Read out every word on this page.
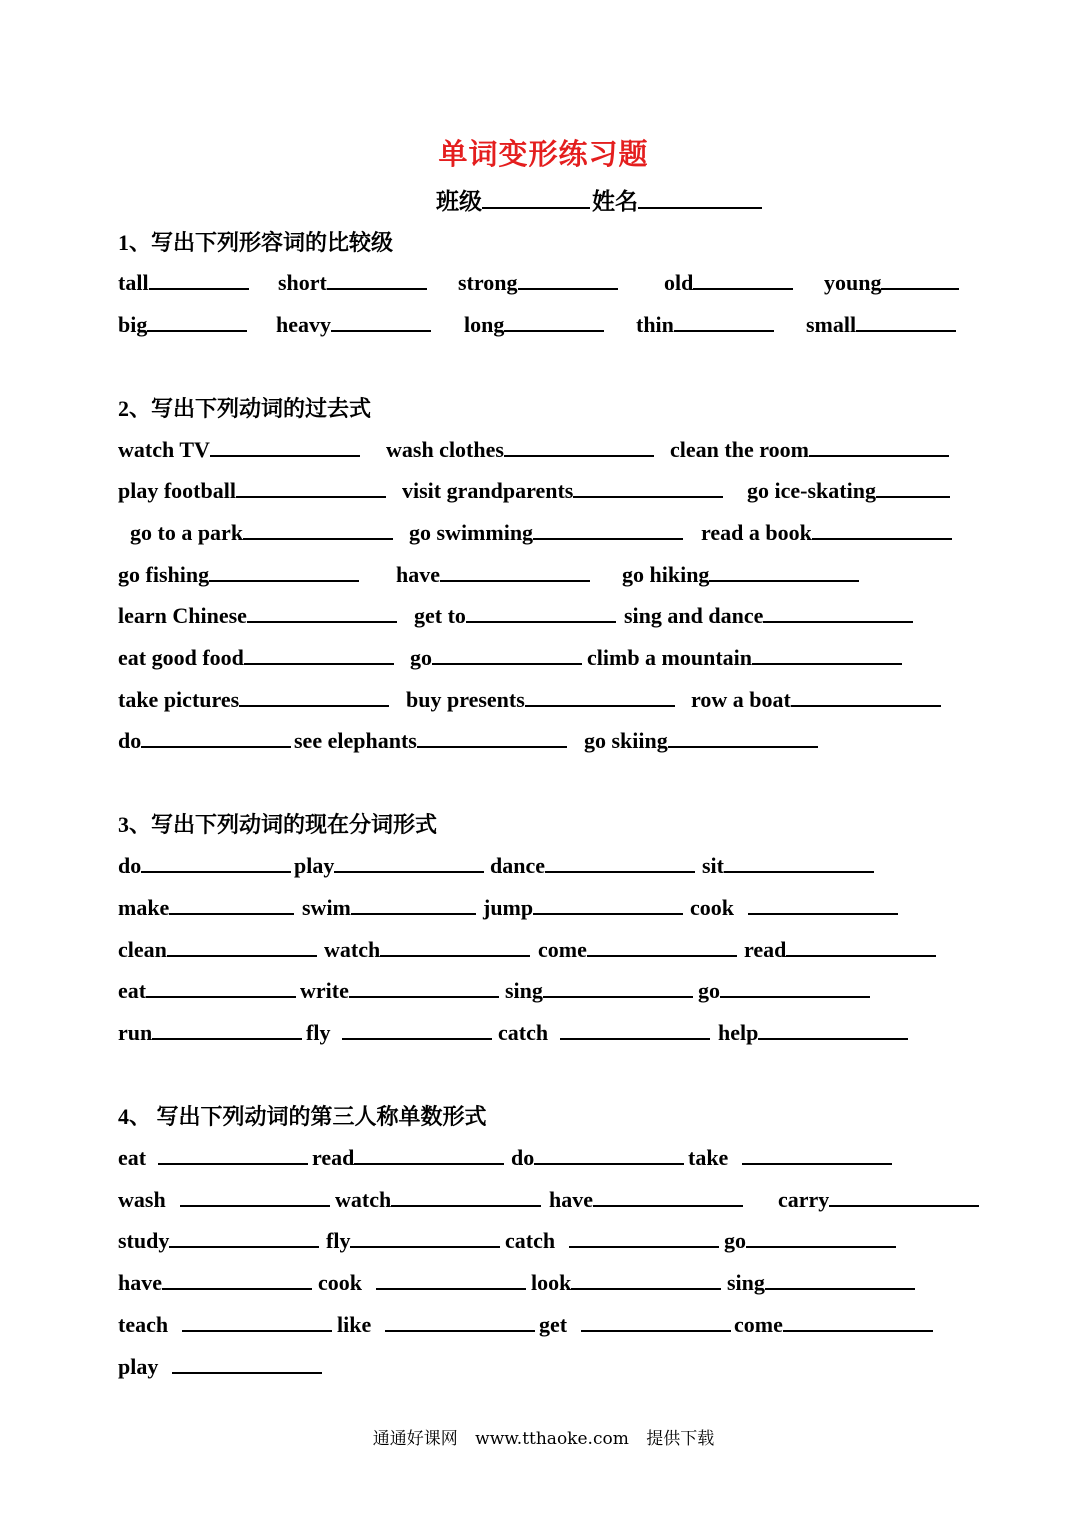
单词变形练习题
班级	姓名
1、写出下列形容词的比较级
tall	short	strong	old	young
big	heavy	long	thin	small
2、写出下列动词的过去式
watch TV	wash clothes	clean the room
play football	visit grandparents	go ice-skating
go to a park	go swimming	read a book
go fishing	have	go hiking
learn Chinese	get to	sing and dance
eat good food	go	climb a mountain
take pictures	buy presents	row a boat
do	see elephants	go skiing
3、写出下列动词的现在分词形式
do	play	dance	sit
make	swim	jump	cook
clean	watch	come	read
eat	write	sing	go
run	fly	catch	help
4、 写出下列动词的第三人称单数形式
eat	read	do	take
wash	watch	have	carry
study	fly	catch	go
have	cook	look	sing
teach	like	get	come
play
通通好课网 www.tthaoke.com 提供下载
